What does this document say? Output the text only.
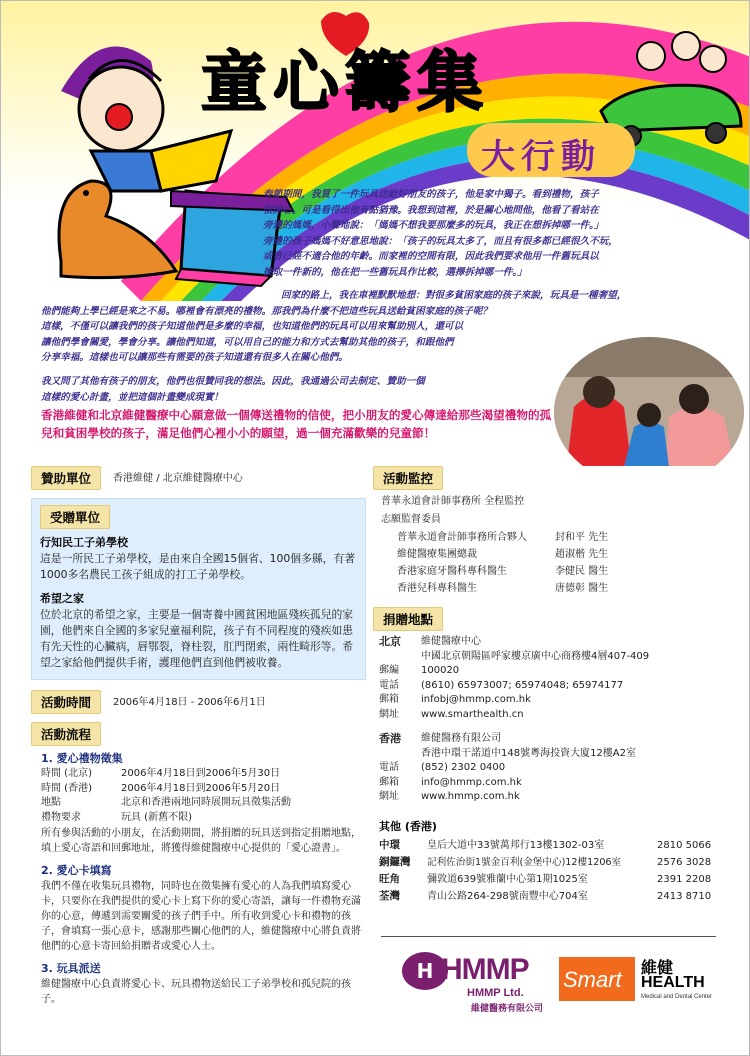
童心籌集
大行動

春節期間，我買了一件玩具送給好朋友的孩子，他是家中獨子。看到禮物，孩子

很開心。可是看得出他有點猶豫。我想到這裡，於是關心地問他，他看了看站在

旁邊的媽媽，小聲地說：「媽媽不想我要那麼多的玩具，我正在想拆掉哪一件。」

旁邊的孩子媽媽不好意思地說：「孩子的玩具太多了，而且有很多都已經很久不玩，

或者已經不適合他的年齡。而家裡的空間有限，因此我們要求他用一件舊玩具以

換取一件新的，他在把一些舊玩具作比較，選擇拆掉哪一件。」

回家的路上，我在車裡默默地想：對很多貧困家庭的孩子來說，玩具是一種奢望，

他們能夠上學已經是來之不易。哪裡會有漂亮的禮物。那我們為什麼不把這些玩具送給貧困家庭的孩子呢？

這樣，不僅可以讓我們的孩子知道他們是多麼的幸福，也知道他們的玩具可以用來幫助別人，還可以

讓他們學會關愛，學會分享。讓他們知道，可以用自己的能力和方式去幫助其他的孩子，和跟他們

分享幸福。這樣也可以讓那些有需要的孩子知道還有很多人在關心他們。

我又問了其他有孩子的朋友，他們也很贊同我的想法。因此，我通過公司去制定、贊助一個

這樣的愛心計畫，並把這個計畫變成現實！

香港維健和北京維健醫療中心願意做一個傳送禮物的信使，把小朋友的愛心傳達給那些渴望禮物的孤兒和貧困學校的孩子，滿足他們心裡小小的願望，過一個充滿歡樂的兒童節！
贊助單位	香港維健 / 北京維健醫療中心
受贈單位
行知民工子弟學校
這是一所民工子弟學校，是由來自全國15個省、100個多縣，有著1000多名農民工孩子組成的打工子弟學校。
希望之家
位於北京的希望之家，主要是一個寄養中國貧困地區殘疾孤兒的家園，他們來自全國的多家兒童福利院，孩子有不同程度的殘疾如患有先天性的心臟病，唇鄂裂，脊柱裂，肛門閉索，兩性畸形等。希望之家給他們提供手術，護理他們直到他們被收養。
活動時間	2006年4月18日 - 2006年6月1日
活動流程
1. 愛心禮物徵集
時間 (北京)	2006年4月18日到2006年5月30日
時間 (香港)	2006年4月18日到2006年5月20日
地點	北京和香港兩地同時展開玩具徵集活動
禮物要求	玩具 (新舊不限)
所有參與活動的小朋友，在活動期間，將捐贈的玩具送到指定捐贈地點，填上愛心寄語和回郵地址，將獲得維健醫療中心提供的「愛心證書」。
2. 愛心卡填寫
我們不僅在收集玩具禮物，同時也在徵集擁有愛心的人為我們填寫愛心卡，只要你在我們提供的愛心卡上寫下你的愛心寄語，讓每一件禮物充滿你的心意，傳遞到需要關愛的孩子們手中。所有收到愛心卡和禮物的孩子，會填寫一張心意卡，感謝那些關心他們的人，維健醫療中心將負責將他們的心意卡寄回給捐贈者或愛心人士。
3. 玩具派送
維健醫療中心負責將愛心卡、玩具禮物送給民工子弟學校和孤兒院的孩子。
活動監控
普華永道會計師事務所 全程監控
志願監督委員
普華永道會計師事務所合夥人	封和平 先生
維健醫療集團總裁	趙淑楷 先生
香港家庭牙醫科專科醫生	李健民 醫生
香港兒科專科醫生	唐德彰 醫生
捐贈地點
北京	維健醫療中心
	中國北京朝陽區呼家樓京廣中心商務樓4層407-409
郵編	100020
電話	(8610) 65973007; 65974048; 65974177
郵箱	infobj@hmmp.com.hk
網址	www.smarthealth.cn
香港	維健醫務有限公司
	香港中環干諾道中148號粵海投資大廈12樓A2室
電話	(852) 2302 0400
郵箱	info@hmmp.com.hk
網址	www.hmmp.com.hk
其他 (香港)
中環	皇后大道中33號萬邦行13樓1302-03室	2810 5066
銅鑼灣	記利佐治街1號金百利(金堡中心)12樓1206室	2576 3028
旺角	彌敦道639號雅蘭中心第1期1025室	2391 2208
荃灣	青山公路264-298號南豐中心704室	2413 8710
H HMMP
HMMP Ltd.
維健醫務有限公司
Smart 維健
HEALTH
Medical and Dental Center
